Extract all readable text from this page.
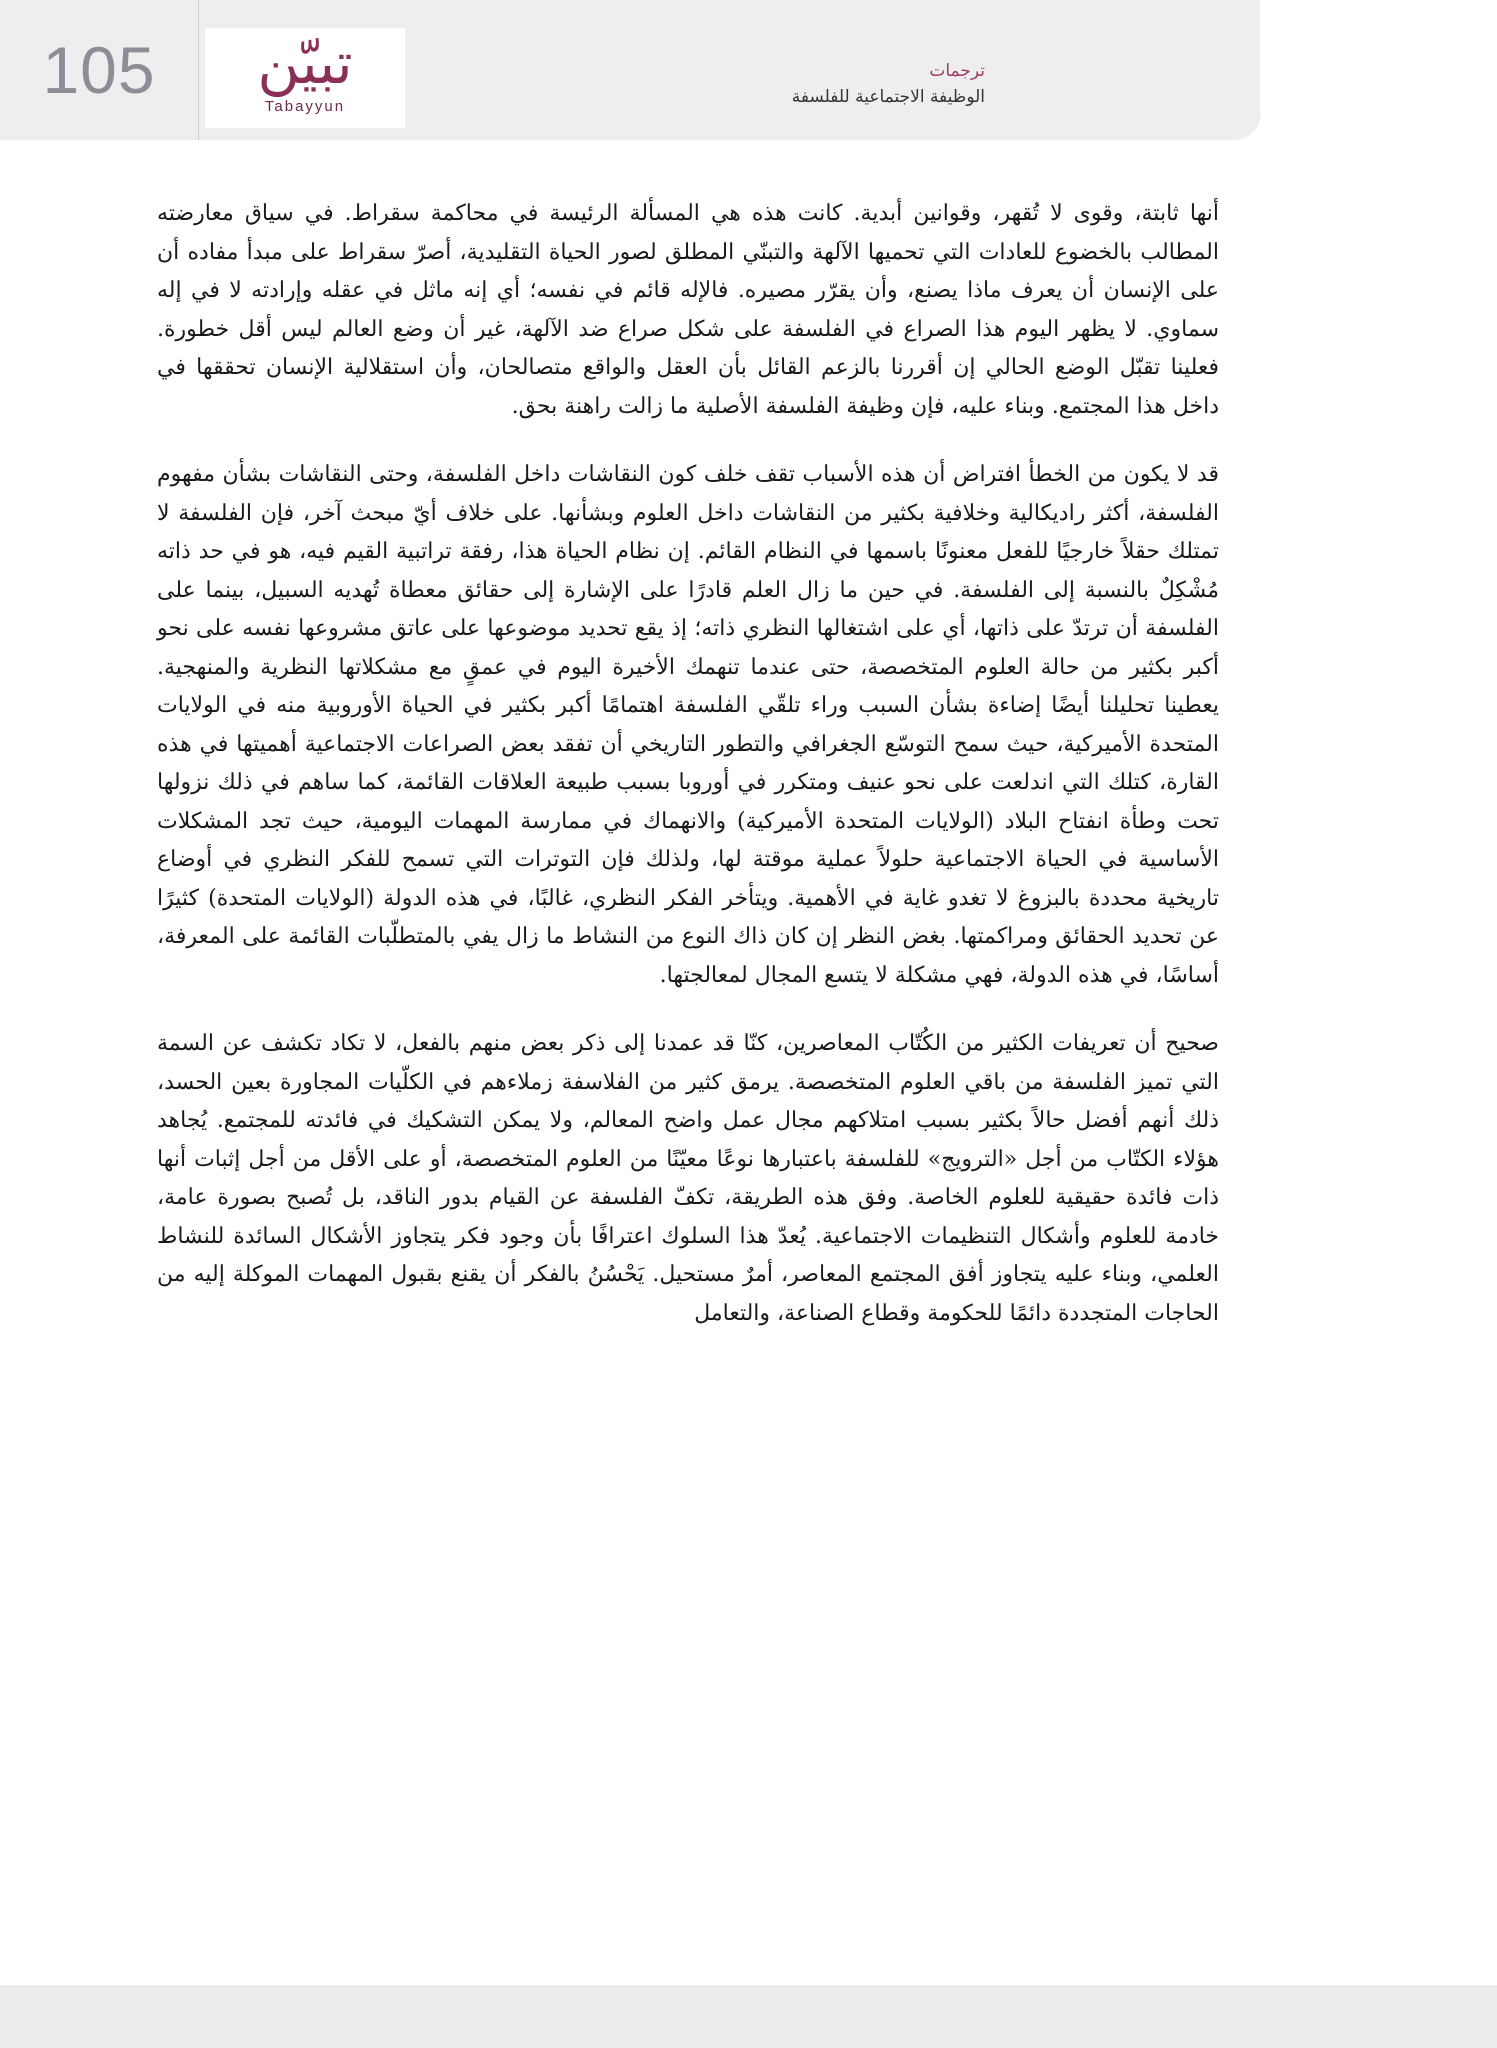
105	تبيّن
Tabayyun
ترجمات
الوظيفة الاجتماعية للفلسفة

أنها ثابتة، وقوى لا تُقهر، وقوانين أبدية. كانت هذه هي المسألة الرئيسة في محاكمة سقراط. في سياق معارضته المطالب بالخضوع للعادات التي تحميها الآلهة والتبنّي المطلق لصور الحياة التقليدية، أصرّ سقراط على مبدأ مفاده أن على الإنسان أن يعرف ماذا يصنع، وأن يقرّر مصيره. فالإله قائم في نفسه؛ أي إنه ماثل في عقله وإرادته لا في إله سماوي. لا يظهر اليوم هذا الصراع في الفلسفة على شكل صراع ضد الآلهة، غير أن وضع العالم ليس أقل خطورة. فعلينا تقبّل الوضع الحالي إن أقررنا بالزعم القائل بأن العقل والواقع متصالحان، وأن استقلالية الإنسان تحققها في داخل هذا المجتمع. وبناء عليه، فإن وظيفة الفلسفة الأصلية ما زالت راهنة بحق.

قد لا يكون من الخطأ افتراض أن هذه الأسباب تقف خلف كون النقاشات داخل الفلسفة، وحتى النقاشات بشأن مفهوم الفلسفة، أكثر راديكالية وخلافية بكثير من النقاشات داخل العلوم وبشأنها. على خلاف أيّ مبحث آخر، فإن الفلسفة لا تمتلك حقلاً خارجيًا للفعل معنونًا باسمها في النظام القائم. إن نظام الحياة هذا، رفقة تراتبية القيم فيه، هو في حد ذاته مُشْكِلٌ بالنسبة إلى الفلسفة. في حين ما زال العلم قادرًا على الإشارة إلى حقائق معطاة تُهديه السبيل، بينما على الفلسفة أن ترتدّ على ذاتها، أي على اشتغالها النظري ذاته؛ إذ يقع تحديد موضوعها على عاتق مشروعها نفسه على نحو أكبر بكثير من حالة العلوم المتخصصة، حتى عندما تنهمك الأخيرة اليوم في عمقٍ مع مشكلاتها النظرية والمنهجية. يعطينا تحليلنا أيضًا إضاءة بشأن السبب وراء تلقّي الفلسفة اهتمامًا أكبر بكثير في الحياة الأوروبية منه في الولايات المتحدة الأميركية، حيث سمح التوسّع الجغرافي والتطور التاريخي أن تفقد بعض الصراعات الاجتماعية أهميتها في هذه القارة، كتلك التي اندلعت على نحو عنيف ومتكرر في أوروبا بسبب طبيعة العلاقات القائمة، كما ساهم في ذلك نزولها تحت وطأة انفتاح البلاد (الولايات المتحدة الأميركية) والانهماك في ممارسة المهمات اليومية، حيث تجد المشكلات الأساسية في الحياة الاجتماعية حلولاً عملية موقتة لها، ولذلك فإن التوترات التي تسمح للفكر النظري في أوضاع تاريخية محددة بالبزوغ لا تغدو غاية في الأهمية. ويتأخر الفكر النظري، غالبًا، في هذه الدولة (الولايات المتحدة) كثيرًا عن تحديد الحقائق ومراكمتها. بغض النظر إن كان ذاك النوع من النشاط ما زال يفي بالمتطلّبات القائمة على المعرفة، أساسًا، في هذه الدولة، فهي مشكلة لا يتسع المجال لمعالجتها.

صحيح أن تعريفات الكثير من الكُتّاب المعاصرين، كنّا قد عمدنا إلى ذكر بعض منهم بالفعل، لا تكاد تكشف عن السمة التي تميز الفلسفة من باقي العلوم المتخصصة. يرمق كثير من الفلاسفة زملاءهم في الكلّيات المجاورة بعين الحسد، ذلك أنهم أفضل حالاً بكثير بسبب امتلاكهم مجال عمل واضح المعالم، ولا يمكن التشكيك في فائدته للمجتمع. يُجاهد هؤلاء الكتّاب من أجل «الترويج» للفلسفة باعتبارها نوعًا معيّنًا من العلوم المتخصصة، أو على الأقل من أجل إثبات أنها ذات فائدة حقيقية للعلوم الخاصة. وفق هذه الطريقة، تكفّ الفلسفة عن القيام بدور الناقد، بل تُصبح بصورة عامة، خادمة للعلوم وأشكال التنظيمات الاجتماعية. يُعدّ هذا السلوك اعترافًا بأن وجود فكر يتجاوز الأشكال السائدة للنشاط العلمي، وبناء عليه يتجاوز أفق المجتمع المعاصر، أمرٌ مستحيل. يَحْسُنُ بالفكر أن يقنع بقبول المهمات الموكلة إليه من الحاجات المتجددة دائمًا للحكومة وقطاع الصناعة، والتعامل
